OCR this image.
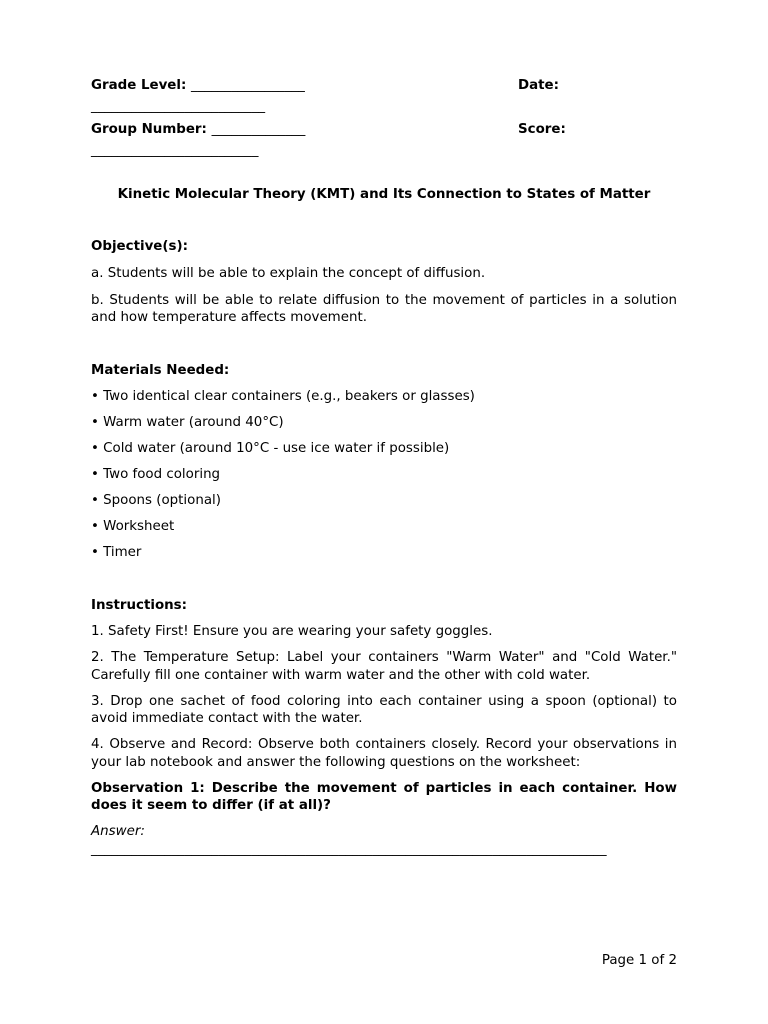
Grade Level: _________________	Date:
__________________________
Group Number: ______________	Score:
_________________________
Kinetic Molecular Theory (KMT) and Its Connection to States of Matter
Objective(s):

a. Students will be able to explain the concept of diffusion.

b. Students will be able to relate diffusion to the movement of particles in a solution and how temperature affects movement.

Materials Needed:

• Two identical clear containers (e.g., beakers or glasses)

• Warm water (around 40°C)

• Cold water (around 10°C - use ice water if possible)

• Two food coloring

• Spoons (optional)

• Worksheet

• Timer

Instructions:

1. Safety First! Ensure you are wearing your safety goggles.

2. The Temperature Setup: Label your containers "Warm Water" and "Cold Water." Carefully fill one container with warm water and the other with cold water.

3. Drop one sachet of food coloring into each container using a spoon (optional) to avoid immediate contact with the water.

4. Observe and Record: Observe both containers closely. Record your observations in your lab notebook and answer the following questions on the worksheet:

Observation 1: Describe the movement of particles in each container. How does it seem to differ (if at all)?

Answer:

_____________________________________________________________________________

Page 1 of 2
